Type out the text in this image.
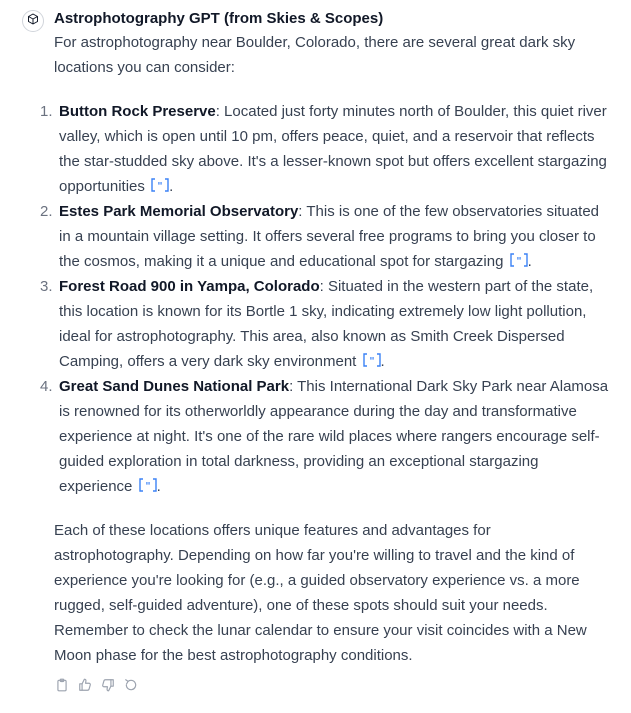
Astrophotography GPT (from Skies & Scopes)

For astrophotography near Boulder, Colorado, there are several great dark sky locations you can consider:

1. Button Rock Preserve: Located just forty minutes north of Boulder, this quiet river valley, which is open until 10 pm, offers peace, quiet, and a reservoir that reflects the star-studded sky above. It's a lesser-known spot but offers excellent stargazing opportunities " .
2. Estes Park Memorial Observatory: This is one of the few observatories situated in a mountain village setting. It offers several free programs to bring you closer to the cosmos, making it a unique and educational spot for stargazing " .
3. Forest Road 900 in Yampa, Colorado: Situated in the western part of the state, this location is known for its Bortle 1 sky, indicating extremely low light pollution, ideal for astrophotography. This area, also known as Smith Creek Dispersed Camping, offers a very dark sky environment " .
4. Great Sand Dunes National Park: This International Dark Sky Park near Alamosa is renowned for its otherworldly appearance during the day and transformative experience at night. It's one of the rare wild places where rangers encourage self-guided exploration in total darkness, providing an exceptional stargazing experience " .

Each of these locations offers unique features and advantages for astrophotography. Depending on how far you're willing to travel and the kind of experience you're looking for (e.g., a guided observatory experience vs. a more rugged, self-guided adventure), one of these spots should suit your needs. Remember to check the lunar calendar to ensure your visit coincides with a New Moon phase for the best astrophotography conditions.
